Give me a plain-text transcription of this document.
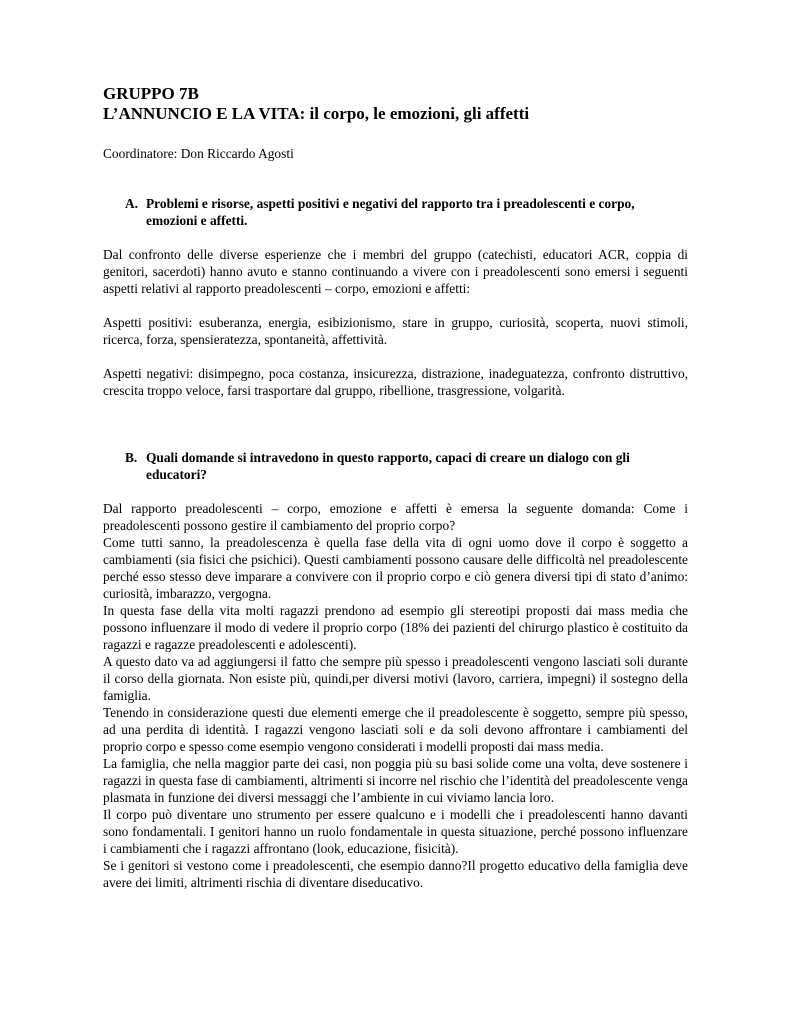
GRUPPO 7B
L’ANNUNCIO E LA VITA: il corpo, le emozioni, gli affetti

Coordinatore: Don Riccardo Agosti

A. Problemi e risorse, aspetti positivi e negativi del rapporto tra i preadolescenti e corpo, emozioni e affetti.

Dal confronto delle diverse esperienze che i membri del gruppo (catechisti, educatori ACR, coppia di genitori, sacerdoti) hanno avuto e stanno continuando a vivere con i preadolescenti sono emersi i seguenti aspetti relativi al rapporto preadolescenti – corpo, emozioni e affetti:

Aspetti positivi: esuberanza, energia, esibizionismo, stare in gruppo, curiosità, scoperta, nuovi stimoli, ricerca, forza, spensieratezza, spontaneità, affettività.

Aspetti negativi: disimpegno, poca costanza, insicurezza, distrazione, inadeguatezza, confronto distruttivo, crescita troppo veloce, farsi trasportare dal gruppo, ribellione, trasgressione, volgarità.

B. Quali domande si intravedono in questo rapporto, capaci di creare un dialogo con gli educatori?

Dal rapporto preadolescenti – corpo, emozione e affetti è emersa la seguente domanda: Come i preadolescenti possono gestire il cambiamento del proprio corpo?

Come tutti sanno, la preadolescenza è quella fase della vita di ogni uomo dove il corpo è soggetto a cambiamenti (sia fisici che psichici). Questi cambiamenti possono causare delle difficoltà nel preadolescente perché esso stesso deve imparare a convivere con il proprio corpo e ciò genera diversi tipi di stato d’animo: curiosità, imbarazzo, vergogna.

In questa fase della vita molti ragazzi prendono ad esempio gli stereotipi proposti dai mass media che possono influenzare il modo di vedere il proprio corpo (18% dei pazienti del chirurgo plastico è costituito da ragazzi e ragazze preadolescenti e adolescenti).

A questo dato va ad aggiungersi il fatto che sempre più spesso i preadolescenti vengono lasciati soli durante il corso della giornata. Non esiste più, quindi,per diversi motivi (lavoro, carriera, impegni) il sostegno della famiglia.

Tenendo in considerazione questi due elementi emerge che il preadolescente è soggetto, sempre più spesso, ad una perdita di identità. I ragazzi vengono lasciati soli e da soli devono affrontare i cambiamenti del proprio corpo e spesso come esempio vengono considerati i modelli proposti dai mass media.

La famiglia, che nella maggior parte dei casi, non poggia più su basi solide come una volta, deve sostenere i ragazzi in questa fase di cambiamenti, altrimenti si incorre nel rischio che l’identità del preadolescente venga plasmata in funzione dei diversi messaggi che l’ambiente in cui viviamo lancia loro.

Il corpo può diventare uno strumento per essere qualcuno e i modelli che i preadolescenti hanno davanti sono fondamentali. I genitori hanno un ruolo fondamentale in questa situazione, perché possono influenzare i cambiamenti che i ragazzi affrontano (look, educazione, fisicità).

Se i genitori si vestono come i preadolescenti, che esempio danno?Il progetto educativo della famiglia deve avere dei limiti, altrimenti rischia di diventare diseducativo.
